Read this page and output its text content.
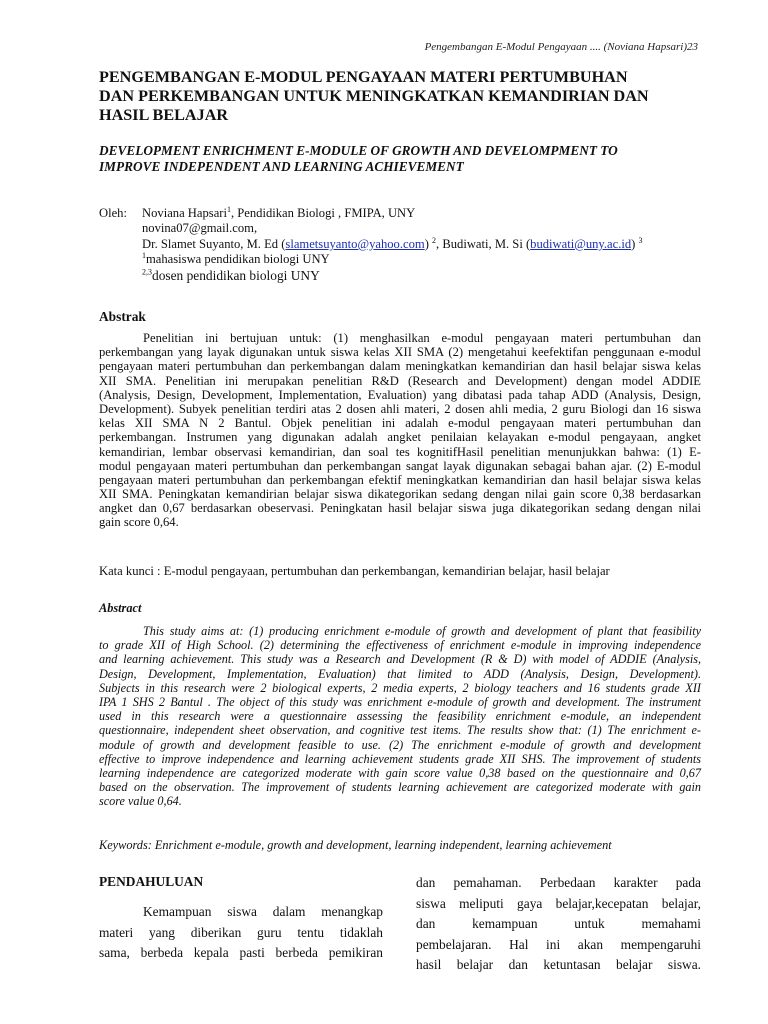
Pengembangan E-Modul Pengayaan .... (Noviana Hapsari)23
PENGEMBANGAN E-MODUL PENGAYAAN MATERI PERTUMBUHAN
DAN PERKEMBANGAN UNTUK MENINGKATKAN KEMANDIRIAN DAN
HASIL BELAJAR
DEVELOPMENT ENRICHMENT E-MODULE OF GROWTH AND DEVELOMPMENT TO
IMPROVE INDEPENDENT AND LEARNING ACHIEVEMENT
Oleh: Noviana Hapsari$^1$, Pendidikan Biologi , FMIPA, UNY
novina07@gmail.com,
Dr. Slamet Suyanto, M. Ed (slametsuyanto@yahoo.com) $^2$, Budiwati, M. Si (budiwati@uny.ac.id) $^3$
$^1$mahasiswa pendidikan biologi UNY
$^{2,3}$dosen pendidikan biologi UNY
Abstrak
Penelitian ini bertujuan untuk: (1) menghasilkan e-modul pengayaan materi pertumbuhan dan
perkembangan yang layak digunakan untuk siswa kelas XII SMA (2) mengetahui keefektifan penggunaan e-modul
pengayaan materi pertumbuhan dan perkembangan dalam meningkatkan kemandirian dan hasil belajar siswa kelas
XII SMA. Penelitian ini merupakan penelitian R&D (Research and Development) dengan model ADDIE
(Analysis, Design, Development, Implementation, Evaluation) yang dibatasi pada tahap ADD (Analysis, Design,
Development). Subyek penelitian terdiri atas 2 dosen ahli materi, 2 dosen ahli media, 2 guru Biologi dan 16 siswa
kelas XII SMA N 2 Bantul. Objek penelitian ini adalah e-modul pengayaan materi pertumbuhan dan
perkembangan. Instrumen yang digunakan adalah angket penilaian kelayakan e-modul pengayaan, angket
kemandirian, lembar observasi kemandirian, dan soal tes kognitifHasil penelitian menunjukkan bahwa: (1) E-
modul pengayaan materi pertumbuhan dan perkembangan sangat layak digunakan sebagai bahan ajar. (2) E-modul
pengayaan materi pertumbuhan dan perkembangan efektif meningkatkan kemandirian dan hasil belajar siswa kelas
XII SMA. Peningkatan kemandirian belajar siswa dikategorikan sedang dengan nilai gain score 0,38 berdasarkan
angket dan 0,67 berdasarkan obeservasi. Peningkatan hasil belajar siswa juga dikategorikan sedang dengan nilai
gain score 0,64.
Kata kunci : E-modul pengayaan, pertumbuhan dan perkembangan, kemandirian belajar, hasil belajar
Abstract
This study aims at: (1) producing enrichment e-module of growth and development of plant that feasibility
to grade XII of High School. (2) determining the effectiveness of enrichment e-module in improving independence
and learning achievement. This study was a Research and Development (R & D) with model of ADDIE (Analysis,
Design, Development, Implementation, Evaluation) that limited to ADD (Analysis, Design, Development).
Subjects in this research were 2 biological experts, 2 media experts, 2 biology teachers and 16 students grade XII
IPA 1 SHS 2 Bantul . The object of this study was enrichment e-module of growth and development. The instrument
used in this research were a questionnaire assessing the feasibility enrichment e-module, an independent
questionnaire, independent sheet observation, and cognitive test items. The results show that: (1) The enrichment e-
module of growth and development feasible to use. (2) The enrichment e-module of growth and development
effective to improve independence and learning achievement students grade XII SHS. The improvement of students
learning independence are categorized moderate with gain score value 0,38 based on the questionnaire and 0,67
based on the observation. The improvement of students learning achievement are categorized moderate with gain
score value 0,64.
Keywords: Enrichment e-module, growth and development, learning independent, learning achievement
PENDAHULUAN
Kemampuan siswa dalam menangkap
materi yang diberikan guru tentu tidaklah
sama, berbeda kepala pasti berbeda pemikiran
dan pemahaman. Perbedaan karakter pada
siswa meliputi gaya belajar,kecepatan belajar,
dan kemampuan untuk memahami
pembelajaran. Hal ini akan mempengaruhi
hasil belajar dan ketuntasan belajar siswa.
